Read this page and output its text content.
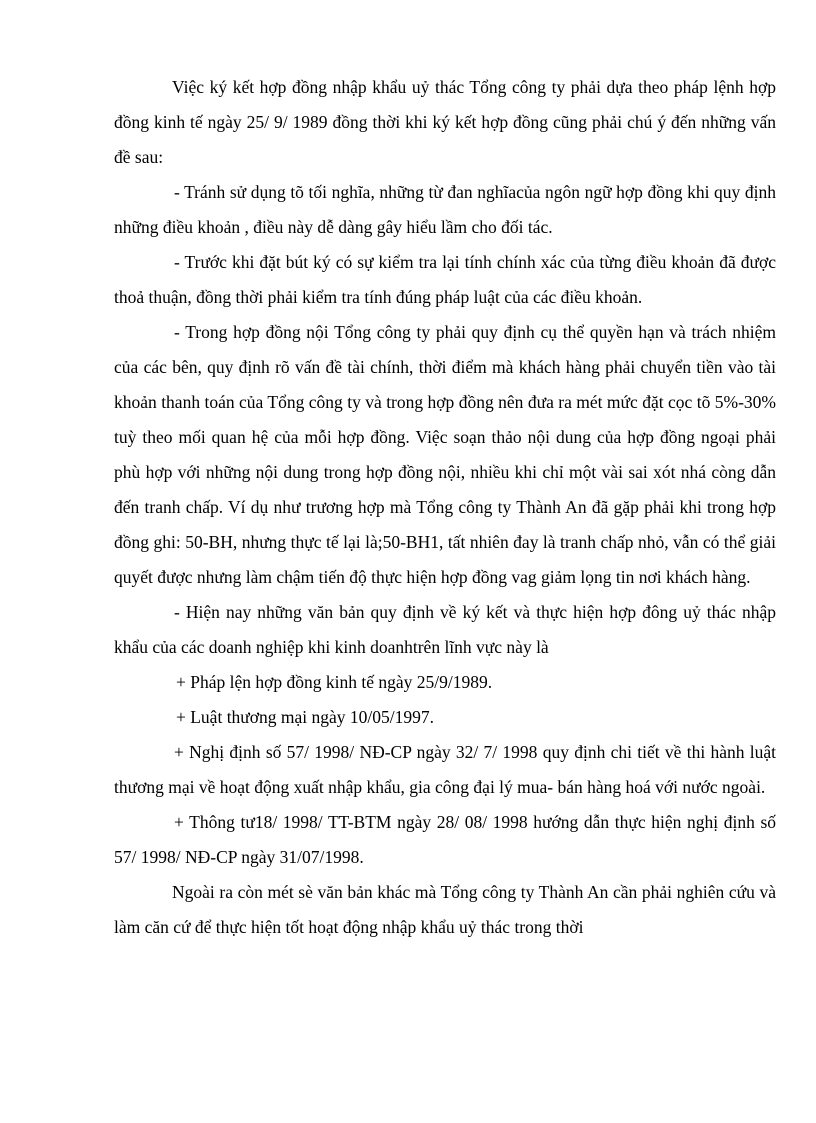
Việc ký kết hợp đồng nhập khẩu uỷ thác Tổng công ty phải dựa theo pháp lệnh hợp đồng kinh tế ngày 25/ 9/ 1989 đồng thời khi ký kết hợp đồng cũng phải chú ý đến những vấn đề sau:

- Tránh sử dụng tõ tối nghĩa, những từ đan nghĩacủa ngôn ngữ hợp đồng khi quy định những điều khoản , điều này dễ dàng gây hiểu lầm cho đối tác.

- Trước khi đặt bút ký có sự kiểm tra lại tính chính xác của từng điều khoản đã được thoả thuận, đồng thời phải kiểm tra tính đúng pháp luật của các điều khoản.

- Trong hợp đồng nội Tổng công ty phải quy định cụ thể quyền hạn và trách nhiệm của các bên, quy định rõ vấn đề tài chính, thời điểm mà khách hàng phải chuyển tiền vào tài khoản thanh toán của Tổng công ty và trong hợp đồng nên đưa ra mét mức đặt cọc tõ 5%-30% tuỳ theo mối quan hệ của mỗi hợp đồng. Việc soạn thảo nội dung của hợp đồng ngoại phải phù hợp với những nội dung trong hợp đồng nội, nhiều khi chỉ một vài sai xót nhá còng dẫn đến tranh chấp. Ví dụ như trương hợp mà Tổng công ty Thành An đã gặp phải khi trong hợp đồng ghi: 50-BH, nhưng thực tế lại là;50-BH1, tất nhiên đay là tranh chấp nhỏ, vẫn có thể giải quyết được nhưng làm chậm tiến độ thực hiện hợp đồng vag giảm lọng tin nơi khách hàng.

- Hiện nay những văn bản quy định về ký kết và thực hiện hợp đông uỷ thác nhập khẩu của các doanh nghiệp khi kinh doanhtrên lĩnh vực này là

+ Pháp lện hợp đồng kinh tế ngày 25/9/1989.

+ Luật thương mại ngày 10/05/1997.

+ Nghị định số 57/ 1998/ NĐ-CP ngày 32/ 7/ 1998 quy định chi tiết về thi hành luật thương mại về hoạt động xuất nhập khẩu, gia công đại lý mua- bán hàng hoá với nước ngoài.

+ Thông tư18/ 1998/ TT-BTM ngày 28/ 08/ 1998 hướng dẫn thực hiện nghị định số 57/ 1998/ NĐ-CP ngày 31/07/1998.

Ngoài ra còn mét sè văn bản khác mà Tổng công ty Thành An cần phải nghiên cứu và làm căn cứ để thực hiện tốt hoạt động nhập khẩu uỷ thác trong thời
